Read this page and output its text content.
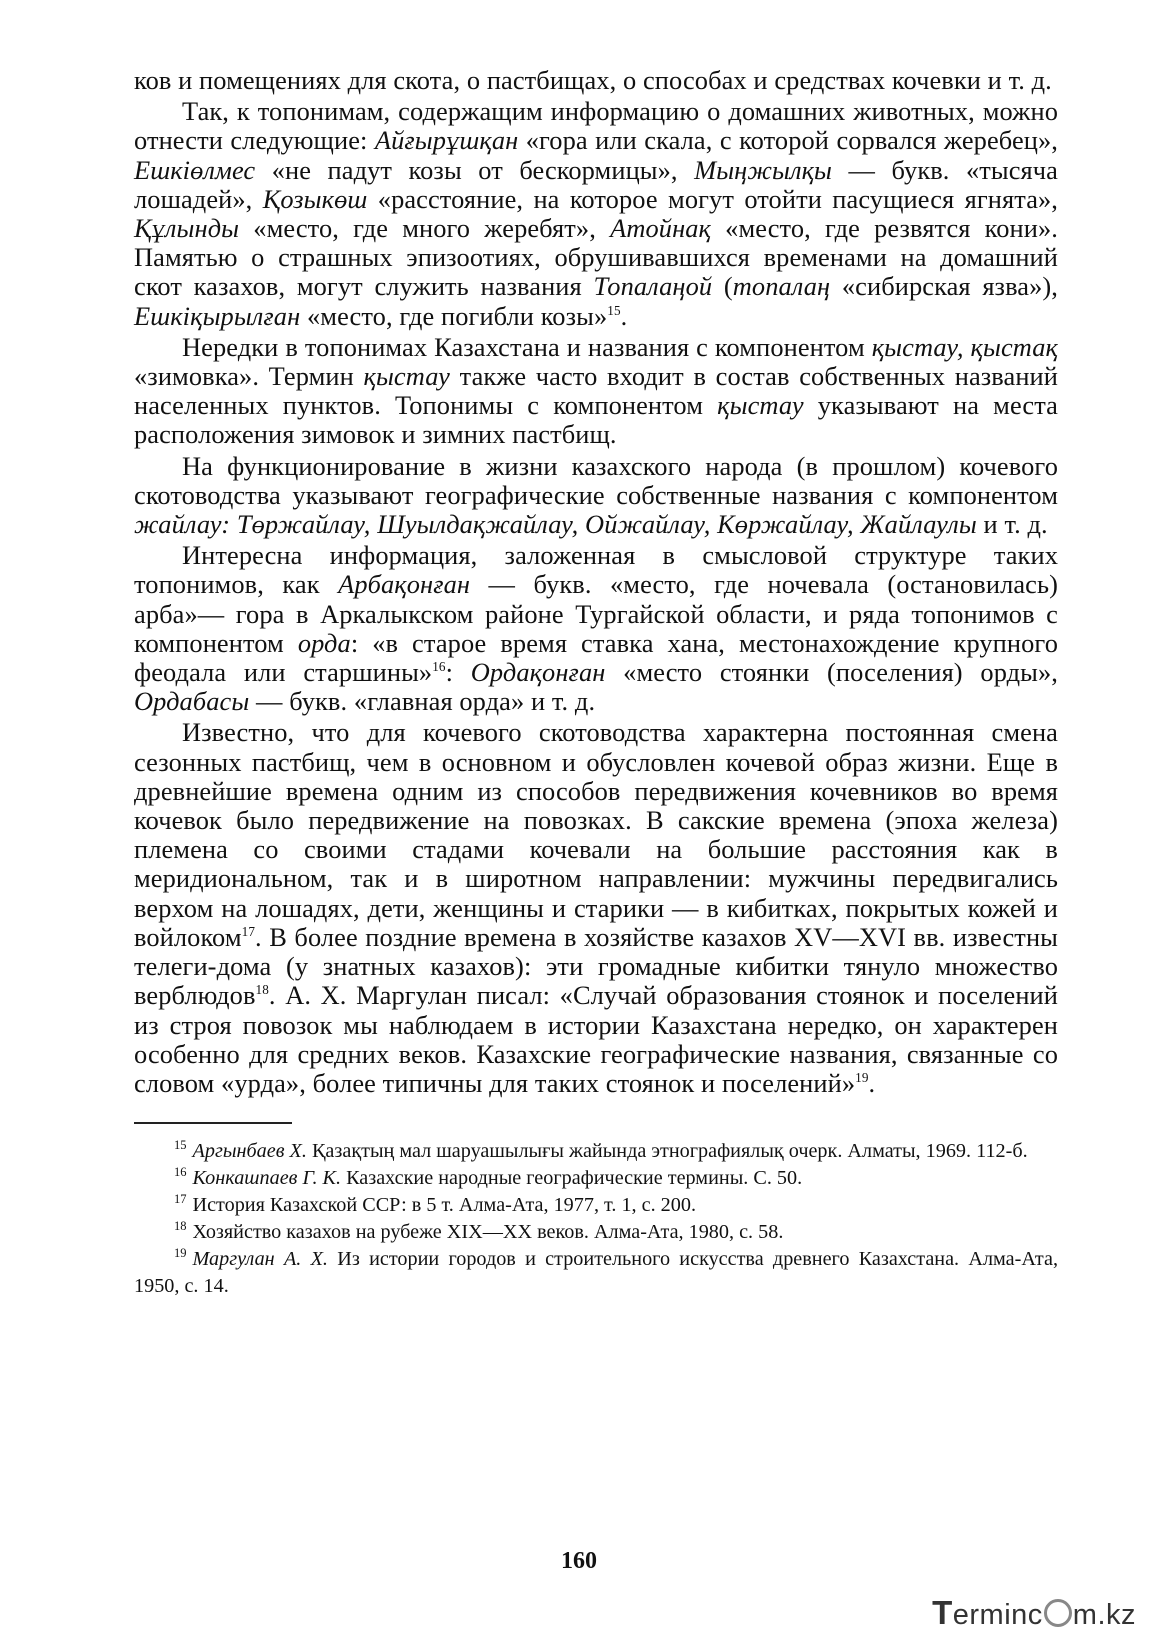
ков и помещениях для скота, о пастбищах, о способах и средствах кочевки и т. д.

Так, к топонимам, содержащим информацию о домашних животных, можно отнести следующие: Айғырұшқан «гора или скала, с которой сорвался жеребец», Ешкіөлмес «не падут козы от бескормицы», Мыңжылқы — букв. «тысяча лошадей», Қозыкөш «расстояние, на которое могут отойти пасущиеся ягнята», Құлынды «место, где много жеребят», Атойнақ «место, где резвятся кони». Памятью о страшных эпизоотиях, обрушивавшихся временами на домашний скот казахов, могут служить названия Топалаңой (топалаң «сибирская язва»), Ешкіқырылған «место, где погибли козы»$^{15}$.

Нередки в топонимах Казахстана и названия с компонентом қыстау, қыстақ «зимовка». Термин қыстау также часто входит в состав собственных названий населенных пунктов. Топонимы с компонентом қыстау указывают на места расположения зимовок и зимних пастбищ.

На функционирование в жизни казахского народа (в прошлом) кочевого скотоводства указывают географические собственные названия с компонентом жайлау: Төржайлау, Шуылдақжайлау, Ойжайлау, Көржайлау, Жайлаулы и т. д.

Интересна информация, заложенная в смысловой структуре таких топонимов, как Арбақонған — букв. «место, где ночевала (остановилась) арба»— гора в Аркалыкском районе Тургайской области, и ряда топонимов с компонентом орда: «в старое время ставка хана, местонахождение крупного феодала или старшины»$^{16}$: Ордақонған «место стоянки (поселения) орды», Ордабасы — букв. «главная орда» и т. д.

Известно, что для кочевого скотоводства характерна постоянная смена сезонных пастбищ, чем в основном и обусловлен кочевой образ жизни. Еще в древнейшие времена одним из способов передвижения кочевников во время кочевок было передвижение на повозках. В сакские времена (эпоха железа) племена со своими стадами кочевали на большие расстояния как в меридиональном, так и в широтном направлении: мужчины передвигались верхом на лошадях, дети, женщины и старики — в кибитках, покрытых кожей и войлоком$^{17}$. В более поздние времена в хозяйстве казахов XV—XVI вв. известны телеги-дома (у знатных казахов): эти громадные кибитки тянуло множество верблюдов$^{18}$. А. Х. Маргулан писал: «Случай образования стоянок и поселений из строя повозок мы наблюдаем в истории Казахстана нередко, он характерен особенно для средних веков. Казахские географические названия, связанные со словом «урда», более типичны для таких стоянок и поселений»$^{19}$.

$^{15}$ Аргынбаев Х. Қазақтың мал шаруашылығы жайында этнографиялық очерк. Алматы, 1969. 112-б.

$^{16}$ Конкашпаев Г. К. Казахские народные географические термины. С. 50.

$^{17}$ История Казахской ССР: в 5 т. Алма-Ата, 1977, т. 1, с. 200.

$^{18}$ Хозяйство казахов на рубеже XIX—XX веков. Алма-Ата, 1980, с. 58.

$^{19}$ Маргулан А. Х. Из истории городов и строительного искусства древнего Казахстана. Алма-Ата, 1950, с. 14.

160
Terminc m.kz
